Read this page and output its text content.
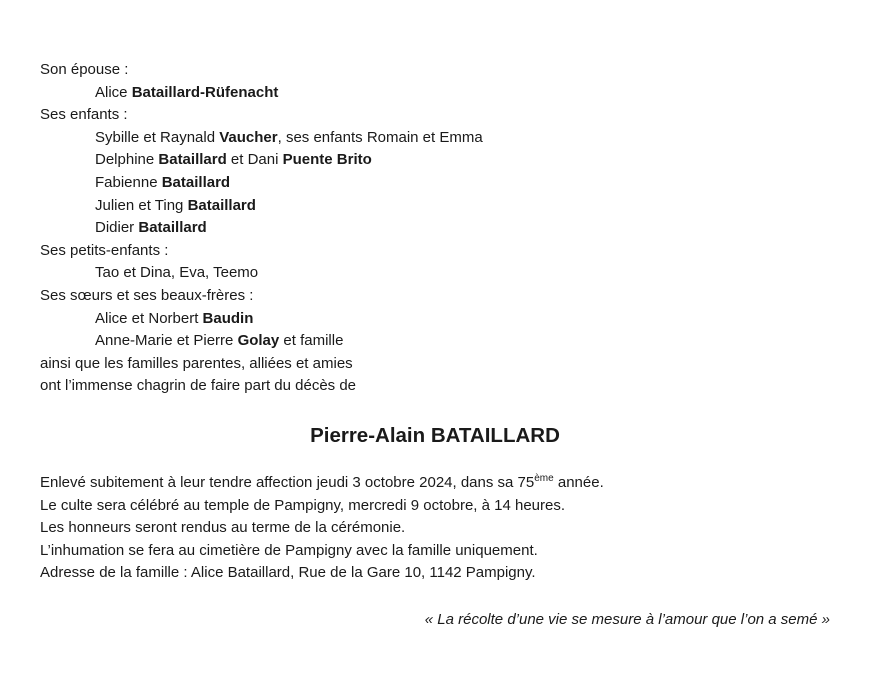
Son épouse :
Alice Bataillard-Rüfenacht
Ses enfants :
Sybille et Raynald Vaucher, ses enfants Romain et Emma
Delphine Bataillard et Dani Puente Brito
Fabienne Bataillard
Julien et Ting Bataillard
Didier Bataillard
Ses petits-enfants :
Tao et Dina, Eva, Teemo
Ses sœurs et ses beaux-frères :
Alice et Norbert Baudin
Anne-Marie et Pierre Golay et famille
ainsi que les familles parentes, alliées et amies
ont l’immense chagrin de faire part du décès de
Pierre-Alain BATAILLARD
Enlevé subitement à leur tendre affection jeudi 3 octobre 2024, dans sa 75ème année.
Le culte sera célébré au temple de Pampigny, mercredi 9 octobre, à 14 heures.
Les honneurs seront rendus au terme de la cérémonie.
L’inhumation se fera au cimetière de Pampigny avec la famille uniquement.
Adresse de la famille : Alice Bataillard, Rue de la Gare 10, 1142 Pampigny.
« La récolte d’une vie se mesure à l’amour que l’on a semé »
